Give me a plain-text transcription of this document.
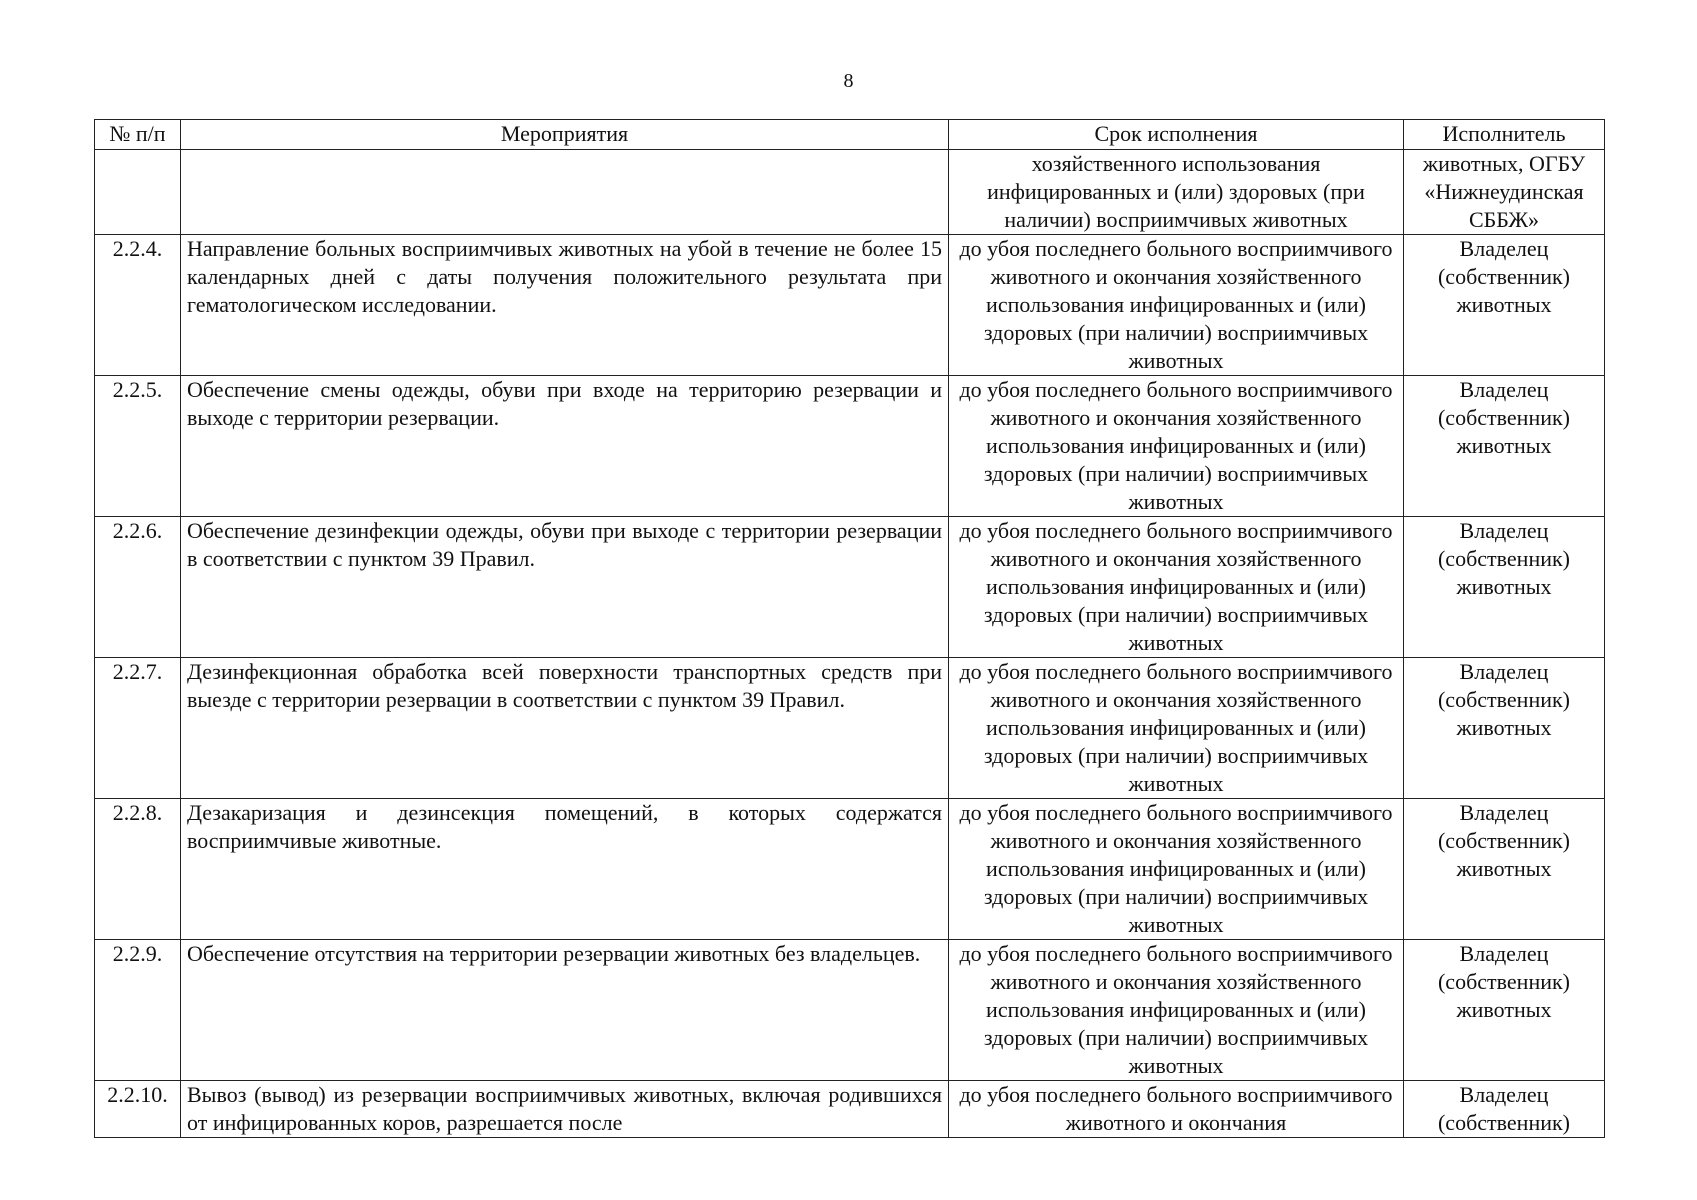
8
№ п/п	Мероприятия	Срок исполнения	Исполнитель
		хозяйственного использования инфицированных и (или) здоровых (при наличии) восприимчивых животных	животных, ОГБУ «Нижнеудинская СББЖ»
2.2.4.	Направление больных восприимчивых животных на убой в течение не более 15 календарных дней с даты получения положительного результата при гематологическом исследовании.	до убоя последнего больного восприимчивого животного и окончания хозяйственного использования инфицированных и (или) здоровых (при наличии) восприимчивых животных	Владелец (собственник) животных
2.2.5.	Обеспечение смены одежды, обуви при входе на территорию резервации и выходе с территории резервации.	до убоя последнего больного восприимчивого животного и окончания хозяйственного использования инфицированных и (или) здоровых (при наличии) восприимчивых животных	Владелец (собственник) животных
2.2.6.	Обеспечение дезинфекции одежды, обуви при выходе с территории резервации в соответствии с пунктом 39 Правил.	до убоя последнего больного восприимчивого животного и окончания хозяйственного использования инфицированных и (или) здоровых (при наличии) восприимчивых животных	Владелец (собственник) животных
2.2.7.	Дезинфекционная обработка всей поверхности транспортных средств при выезде с территории резервации в соответствии с пунктом 39 Правил.	до убоя последнего больного восприимчивого животного и окончания хозяйственного использования инфицированных и (или) здоровых (при наличии) восприимчивых животных	Владелец (собственник) животных
2.2.8.	Дезакаризация и дезинсекция помещений, в которых содержатся восприимчивые животные.	до убоя последнего больного восприимчивого животного и окончания хозяйственного использования инфицированных и (или) здоровых (при наличии) восприимчивых животных	Владелец (собственник) животных
2.2.9.	Обеспечение отсутствия на территории резервации животных без владельцев.	до убоя последнего больного восприимчивого животного и окончания хозяйственного использования инфицированных и (или) здоровых (при наличии) восприимчивых животных	Владелец (собственник) животных
2.2.10.	Вывоз (вывод) из резервации восприимчивых животных, включая родившихся от инфицированных коров, разрешается после	до убоя последнего больного восприимчивого животного и окончания	Владелец (собственник)
